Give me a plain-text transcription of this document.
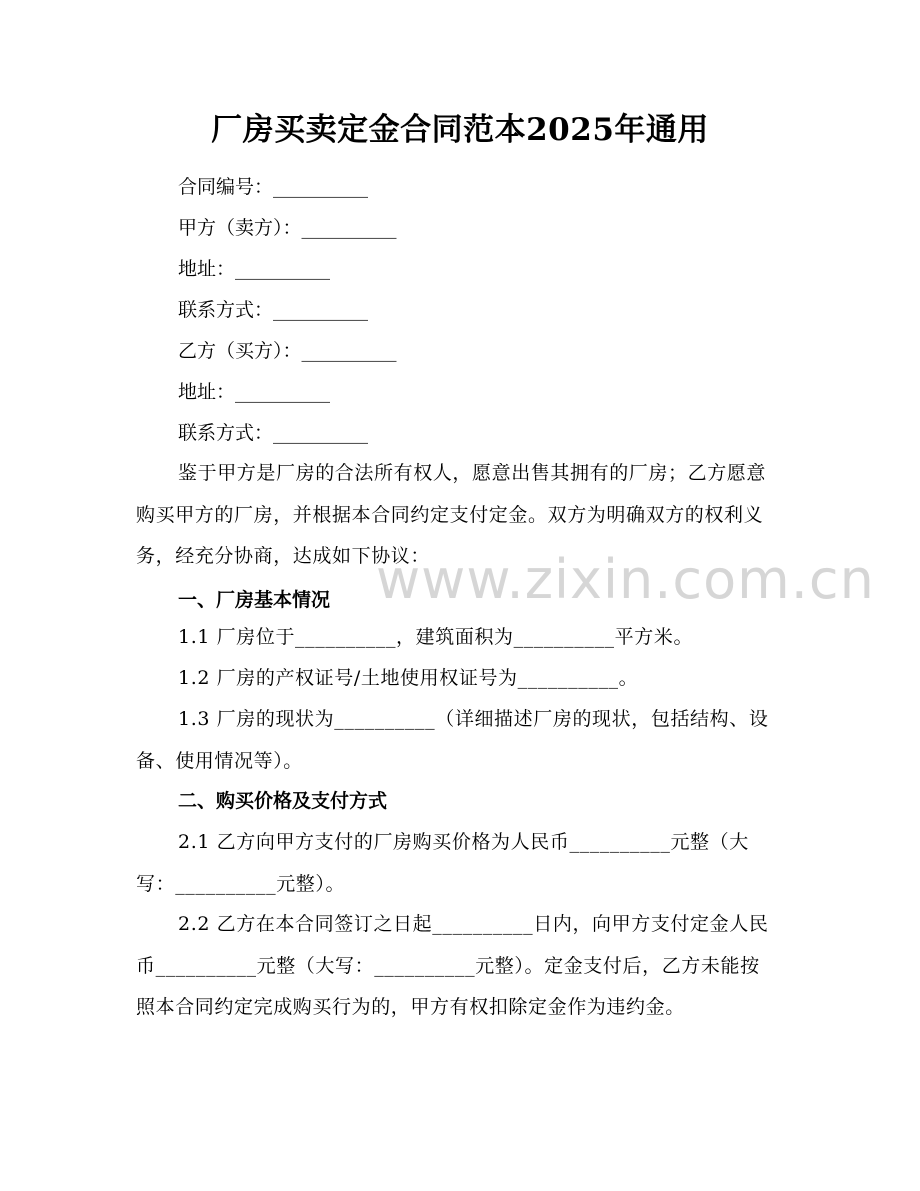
厂房买卖定金合同范本2025年通用

合同编号：__________

甲方（卖方）：__________

地址：__________

联系方式：__________

乙方（买方）：__________

地址：__________

联系方式：__________

鉴于甲方是厂房的合法所有权人，愿意出售其拥有的厂房；乙方愿意购买甲方的厂房，并根据本合同约定支付定金。双方为明确双方的权利义务，经充分协商，达成如下协议：

一、厂房基本情况

1.1 厂房位于__________，建筑面积为__________平方米。

1.2 厂房的产权证号/土地使用权证号为__________。

1.3 厂房的现状为__________（详细描述厂房的现状，包括结构、设备、使用情况等）。

二、购买价格及支付方式

2.1 乙方向甲方支付的厂房购买价格为人民币__________元整（大写：__________元整）。

2.2 乙方在本合同签订之日起__________日内，向甲方支付定金人民币__________元整（大写：__________元整）。定金支付后，乙方未能按照本合同约定完成购买行为的，甲方有权扣除定金作为违约金。

www.zixin.com.cn
